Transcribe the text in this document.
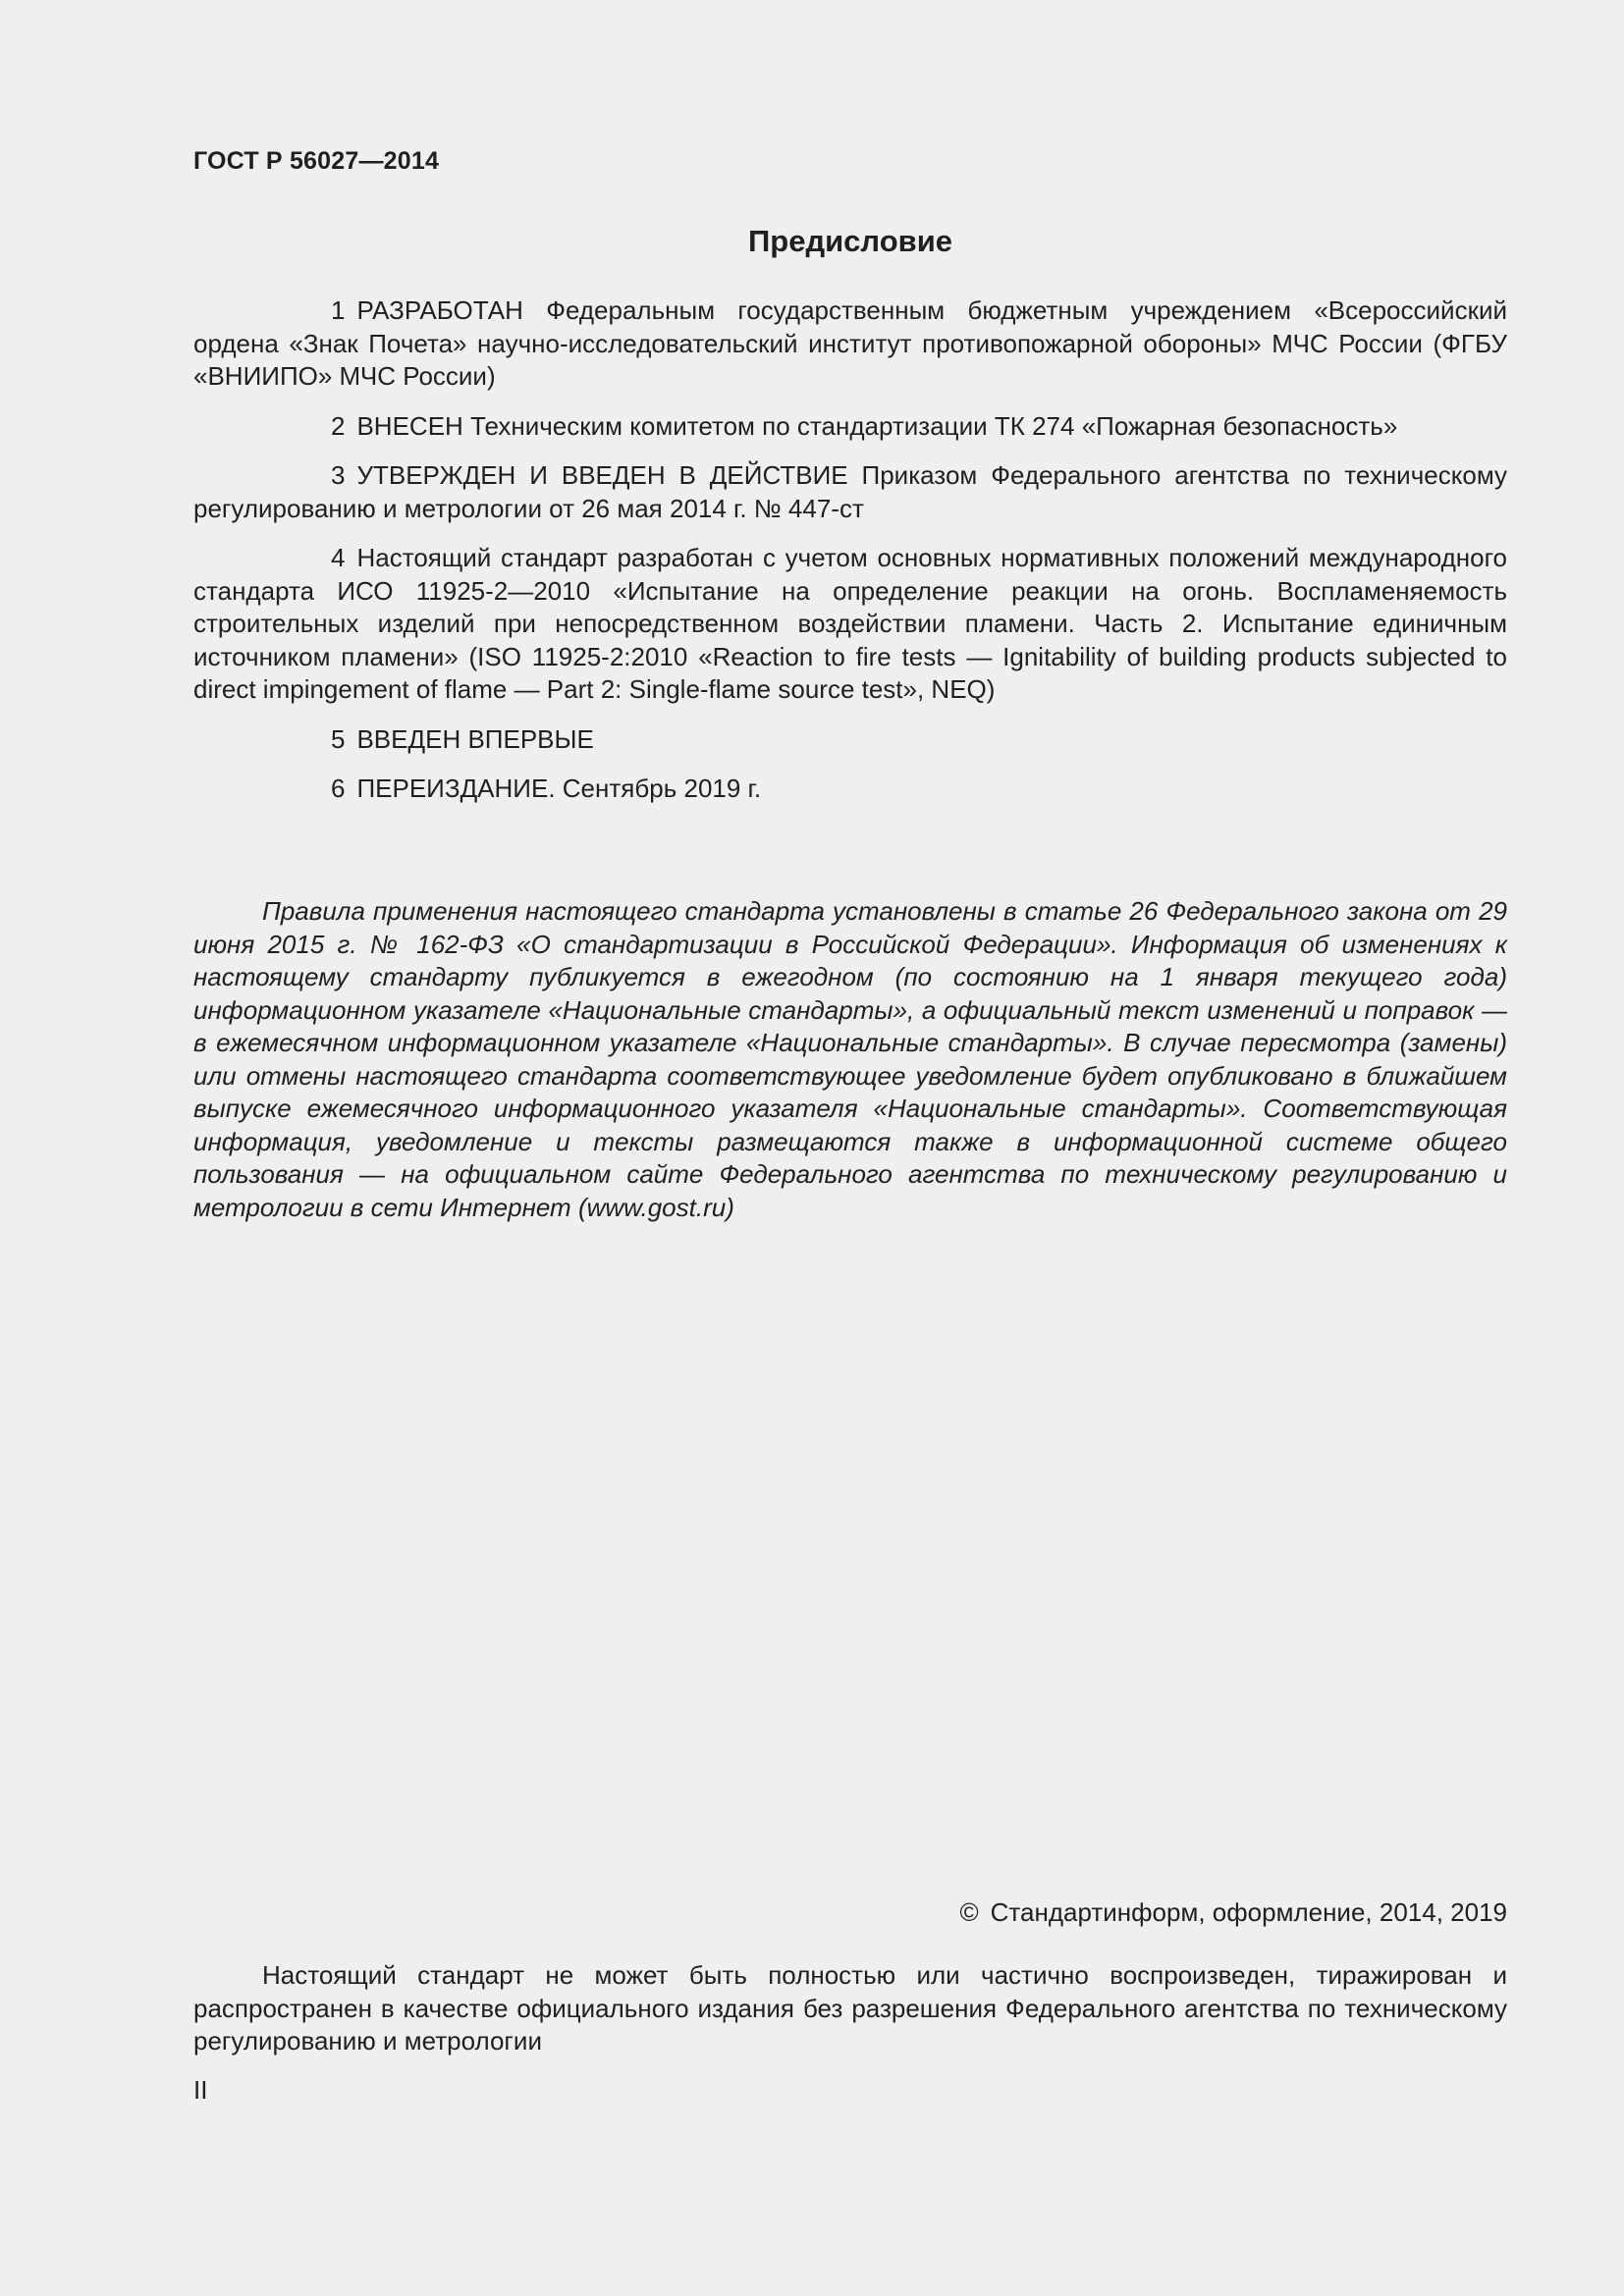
ГОСТ Р 56027—2014
Предисловие

1 РАЗРАБОТАН Федеральным государственным бюджетным учреждением «Всероссийский ордена «Знак Почета» научно-исследовательский институт противопожарной обороны» МЧС России (ФГБУ «ВНИИПО» МЧС России)

2 ВНЕСЕН Техническим комитетом по стандартизации ТК 274 «Пожарная безопасность»

3 УТВЕРЖДЕН И ВВЕДЕН В ДЕЙСТВИЕ Приказом Федерального агентства по техническому регулированию и метрологии от 26 мая 2014 г. № 447-ст

4 Настоящий стандарт разработан с учетом основных нормативных положений международного стандарта ИСО 11925-2—2010 «Испытание на определение реакции на огонь. Воспламеняемость строительных изделий при непосредственном воздействии пламени. Часть 2. Испытание единичным источником пламени» (ISO 11925-2:2010 «Reaction to fire tests — Ignitability of building products subjected to direct impingement of flame — Part 2: Single-flame source test», NEQ)

5 ВВЕДЕН ВПЕРВЫЕ

6 ПЕРЕИЗДАНИЕ. Сентябрь 2019 г.

Правила применения настоящего стандарта установлены в статье 26 Федерального закона от 29 июня 2015 г. № 162-ФЗ «О стандартизации в Российской Федерации». Информация об изменениях к настоящему стандарту публикуется в ежегодном (по состоянию на 1 января текущего года) информационном указателе «Национальные стандарты», а официальный текст изменений и поправок — в ежемесячном информационном указателе «Национальные стандарты». В случае пересмотра (замены) или отмены настоящего стандарта соответствующее уведомление будет опубликовано в ближайшем выпуске ежемесячного информационного указателя «Национальные стандарты». Соответствующая информация, уведомление и тексты размещаются также в информационной системе общего пользования — на официальном сайте Федерального агентства по техническому регулированию и метрологии в сети Интернет (www.gost.ru)

© Стандартинформ, оформление, 2014, 2019

Настоящий стандарт не может быть полностью или частично воспроизведен, тиражирован и распространен в качестве официального издания без разрешения Федерального агентства по техническому регулированию и метрологии

II
